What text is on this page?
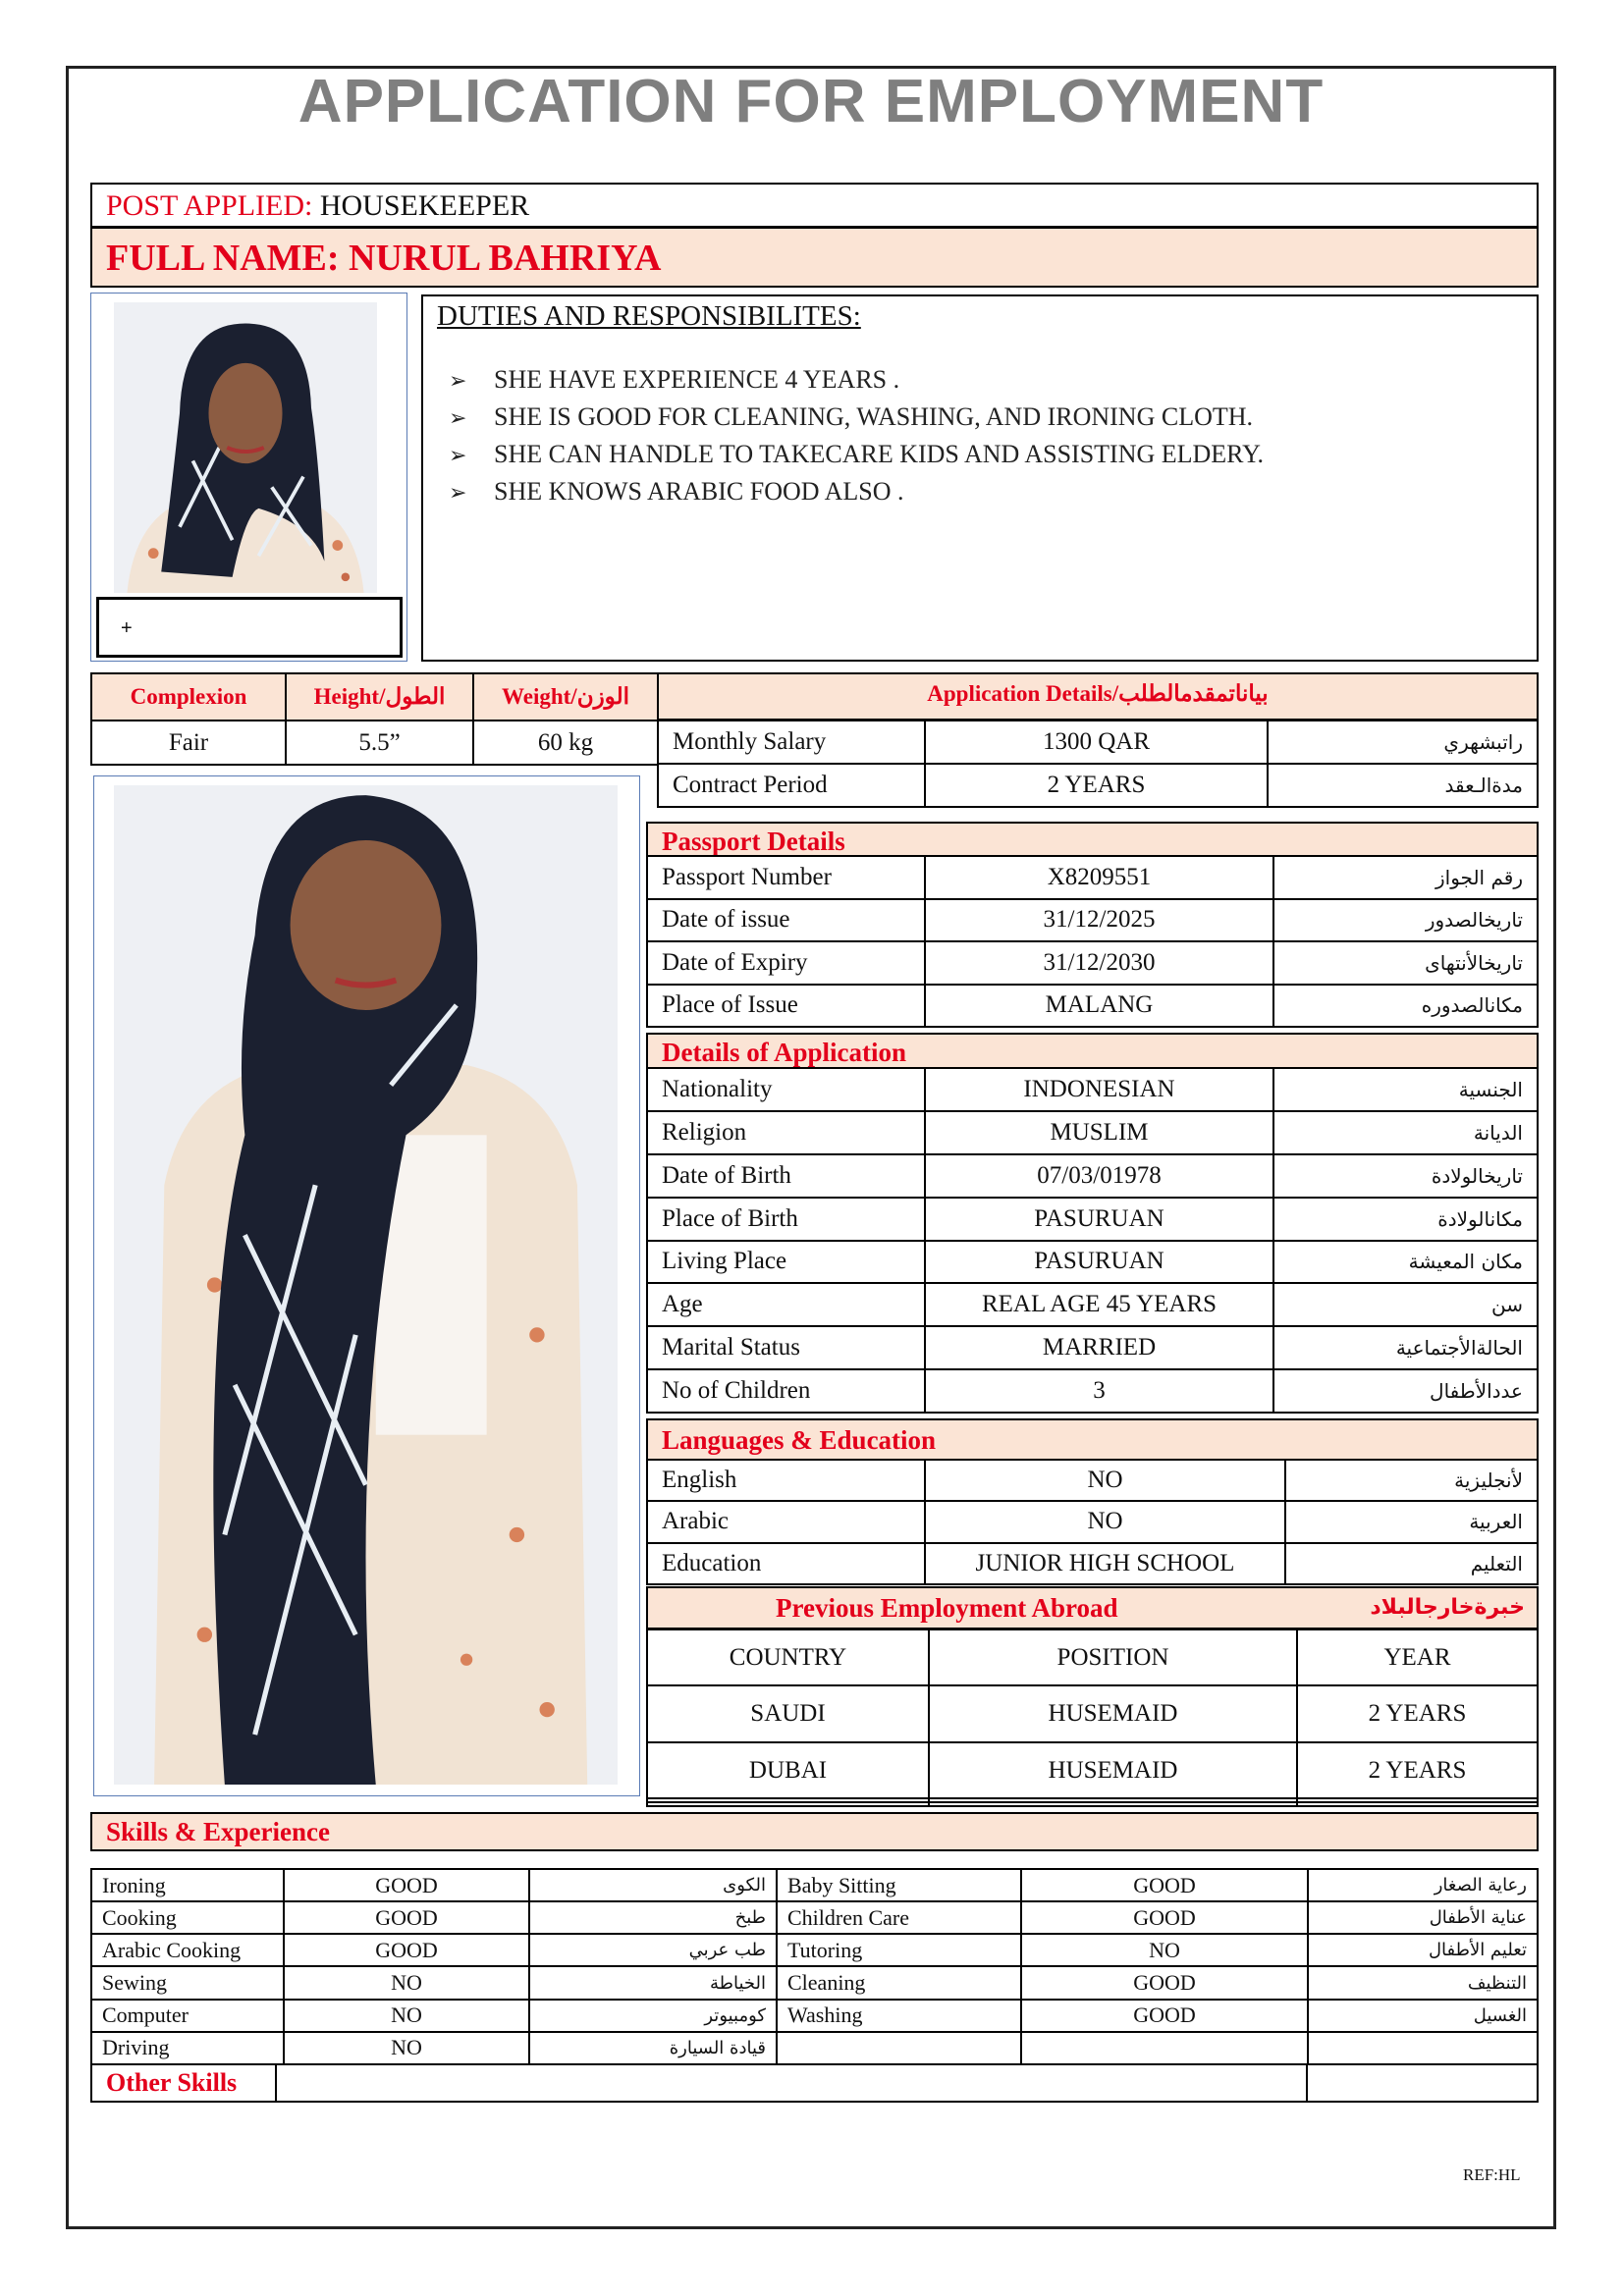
APPLICATION FOR EMPLOYMENT
POST APPLIED: HOUSEKEEPER
FULL NAME: NURUL BAHRIYA
+
DUTIES AND RESPONSIBILITES:
➢ SHE HAVE EXPERIENCE 4 YEARS .
➢ SHE IS GOOD FOR CLEANING, WASHING, AND IRONING CLOTH.
➢ SHE CAN HANDLE TO TAKECARE KIDS AND ASSISTING ELDERY.
➢ SHE KNOWS ARABIC FOOD ALSO .
Complexion	Height/الطول	Weight/الوزن
Fair	5.5”	60 kg
Application Details/بياناتمقدمالطلب
Monthly Salary	1300 QAR	راتبشهري
Contract Period	2 YEARS	مدةالـعقد
Passport Details
Passport Number	X8209551	رقم الجواز
Date of issue	31/12/2025	تاريخالصدور
Date of Expiry	31/12/2030	تاريخالأنتهاى
Place of Issue	MALANG	مكانالصدوره
Details of Application
Nationality	INDONESIAN	الجنسية
Religion	MUSLIM	الديانة
Date of Birth	07/03/01978	تاريخالولادة
Place of Birth	PASURUAN	مكانالولادة
Living Place	PASURUAN	مكان المعيشة
Age	REAL AGE 45 YEARS	سن
Marital Status	MARRIED	الحالةالأجتماعية
No of Children	3	عددالأطفال
Languages & Education
English	NO	لأنجليزية
Arabic	NO	العربية
Education	JUNIOR HIGH SCHOOL	التعليم
Previous Employment Abroad	خبرةخارجالبلاد
COUNTRY	POSITION	YEAR
SAUDI	HUSEMAID	2 YEARS
DUBAI	HUSEMAID	2 YEARS

Skills & Experience
Ironing	GOOD	الكوى	Baby Sitting	GOOD	رعاية الصغار
Cooking	GOOD	طبخ	Children Care	GOOD	عناية الأطفال
Arabic Cooking	GOOD	طب عربي	Tutoring	NO	تعليم الأطفال
Sewing	NO	الخياطة	Cleaning	GOOD	التنظيف
Computer	NO	كومبيوتر	Washing	GOOD	الغسيل
Driving	NO	قيادة السيارة			
Other Skills		
REF:HL
